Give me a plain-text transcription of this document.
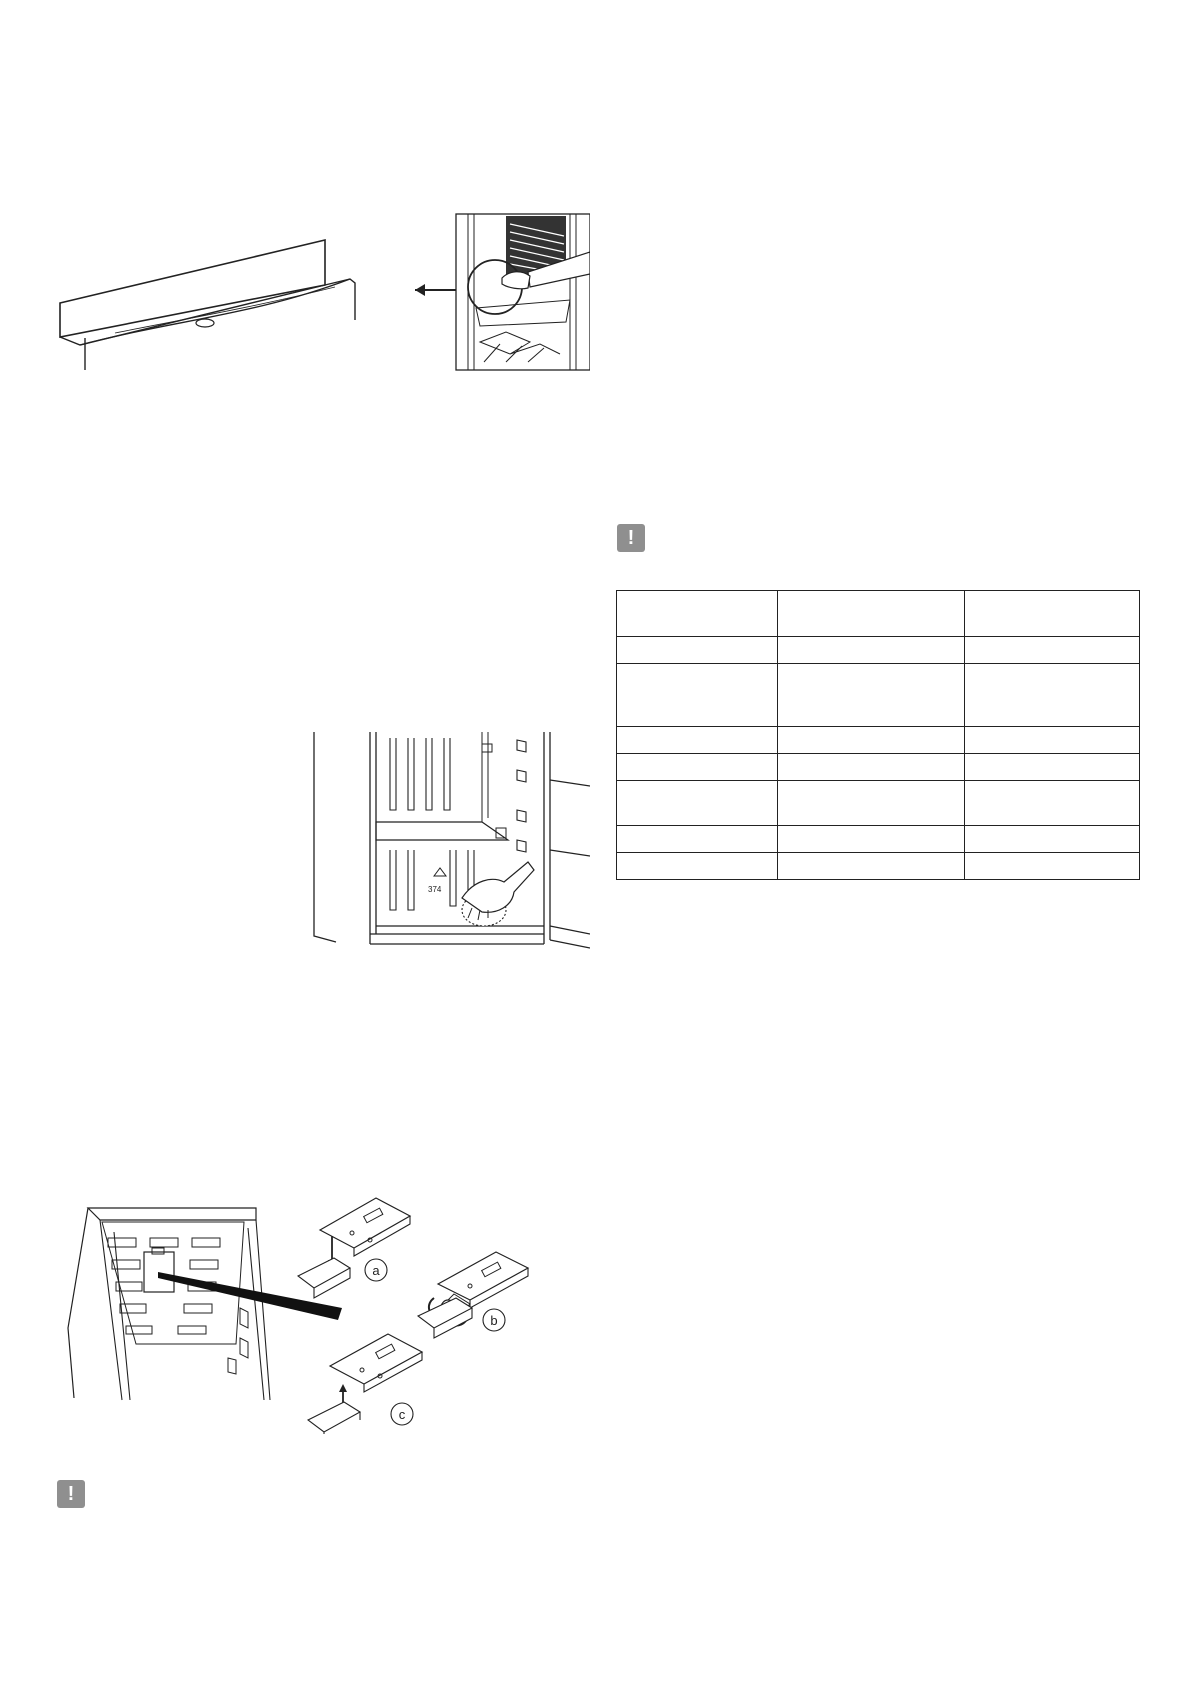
374
a
b
c
!
!
